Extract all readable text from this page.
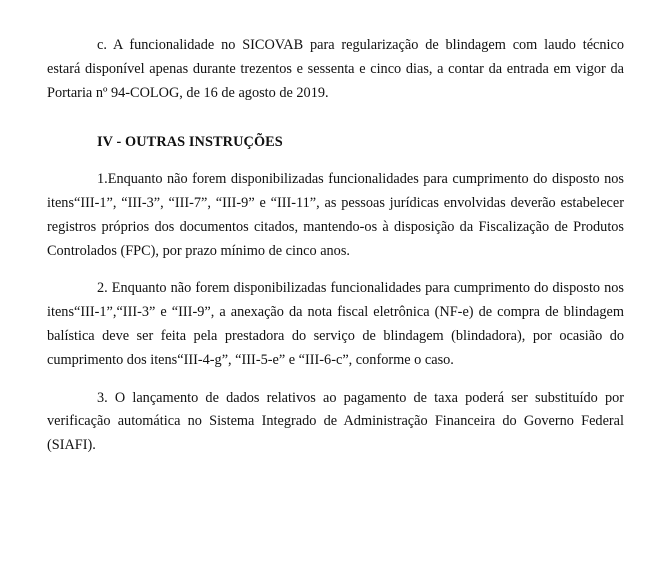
c. A funcionalidade no SICOVAB para regularização de blindagem com laudo técnico estará disponível apenas durante trezentos e sessenta e cinco dias, a contar da entrada em vigor da Portaria nº 94-COLOG, de 16 de agosto de 2019.

IV - OUTRAS INSTRUÇÕES

1.Enquanto não forem disponibilizadas funcionalidades para cumprimento do disposto nos itens“III-1”, “III-3”, “III-7”, “III-9” e “III-11”, as pessoas jurídicas envolvidas deverão estabelecer registros próprios dos documentos citados, mantendo-os à disposição da Fiscalização de Produtos Controlados (FPC), por prazo mínimo de cinco anos.

2. Enquanto não forem disponibilizadas funcionalidades para cumprimento do disposto nos itens“III-1”,“III-3” e “III-9”, a anexação da nota fiscal eletrônica (NF-e) de compra de blindagem balística deve ser feita pela prestadora do serviço de blindagem (blindadora), por ocasião do cumprimento dos itens“III-4-g”, “III-5-e” e “III-6-c”, conforme o caso.

3. O lançamento de dados relativos ao pagamento de taxa poderá ser substituído por verificação automática no Sistema Integrado de Administração Financeira do Governo Federal (SIAFI).
